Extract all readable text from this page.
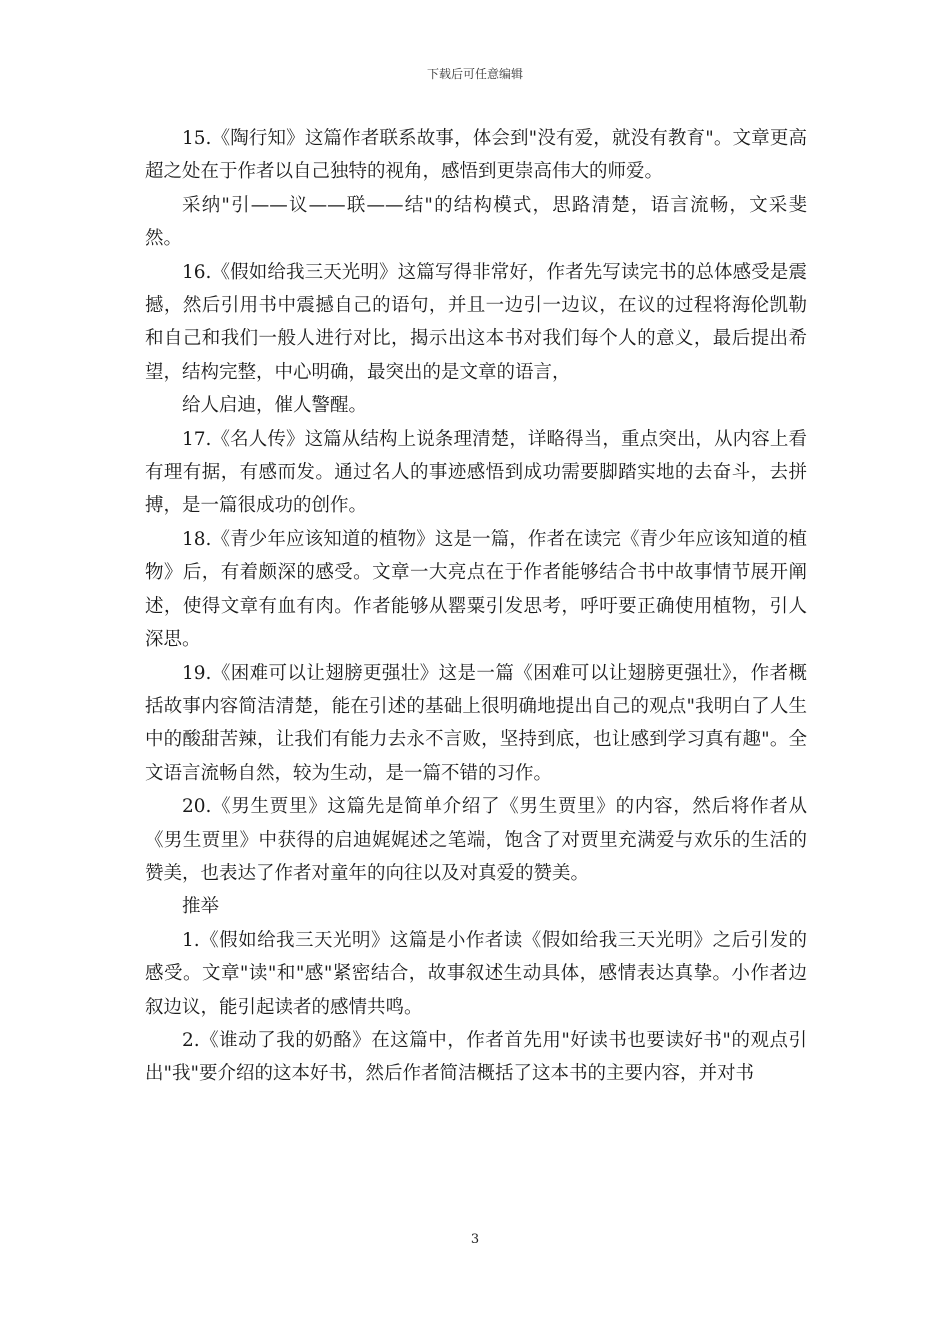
下载后可任意编辑

15.《陶行知》这篇作者联系故事，体会到"没有爱，就没有教育"。文章更高超之处在于作者以自己独特的视角，感悟到更崇高伟大的师爱。

采纳"引——议——联——结"的结构模式，思路清楚，语言流畅，文采斐然。

16.《假如给我三天光明》这篇写得非常好，作者先写读完书的总体感受是震撼，然后引用书中震撼自己的语句，并且一边引一边议，在议的过程将海伦凯勒和自己和我们一般人进行对比，揭示出这本书对我们每个人的意义，最后提出希望，结构完整，中心明确，最突出的是文章的语言，

给人启迪，催人警醒。

17.《名人传》这篇从结构上说条理清楚，详略得当，重点突出，从内容上看有理有据，有感而发。通过名人的事迹感悟到成功需要脚踏实地的去奋斗，去拼搏，是一篇很成功的创作。

18.《青少年应该知道的植物》这是一篇，作者在读完《青少年应该知道的植物》后，有着颇深的感受。文章一大亮点在于作者能够结合书中故事情节展开阐述，使得文章有血有肉。作者能够从罂粟引发思考，呼吁要正确使用植物，引人深思。

19.《困难可以让翅膀更强壮》这是一篇《困难可以让翅膀更强壮》，作者概括故事内容简洁清楚，能在引述的基础上很明确地提出自己的观点"我明白了人生中的酸甜苦辣，让我们有能力去永不言败，坚持到底，也让感到学习真有趣"。全文语言流畅自然，较为生动，是一篇不错的习作。

20.《男生贾里》这篇先是简单介绍了《男生贾里》的内容，然后将作者从《男生贾里》中获得的启迪娓娓述之笔端，饱含了对贾里充满爱与欢乐的生活的赞美，也表达了作者对童年的向往以及对真爱的赞美。

推举

1.《假如给我三天光明》这篇是小作者读《假如给我三天光明》之后引发的感受。文章"读"和"感"紧密结合，故事叙述生动具体，感情表达真挚。小作者边叙边议，能引起读者的感情共鸣。

2.《谁动了我的奶酪》在这篇中，作者首先用"好读书也要读好书"的观点引出"我"要介绍的这本好书，然后作者简洁概括了这本书的主要内容，并对书

3
